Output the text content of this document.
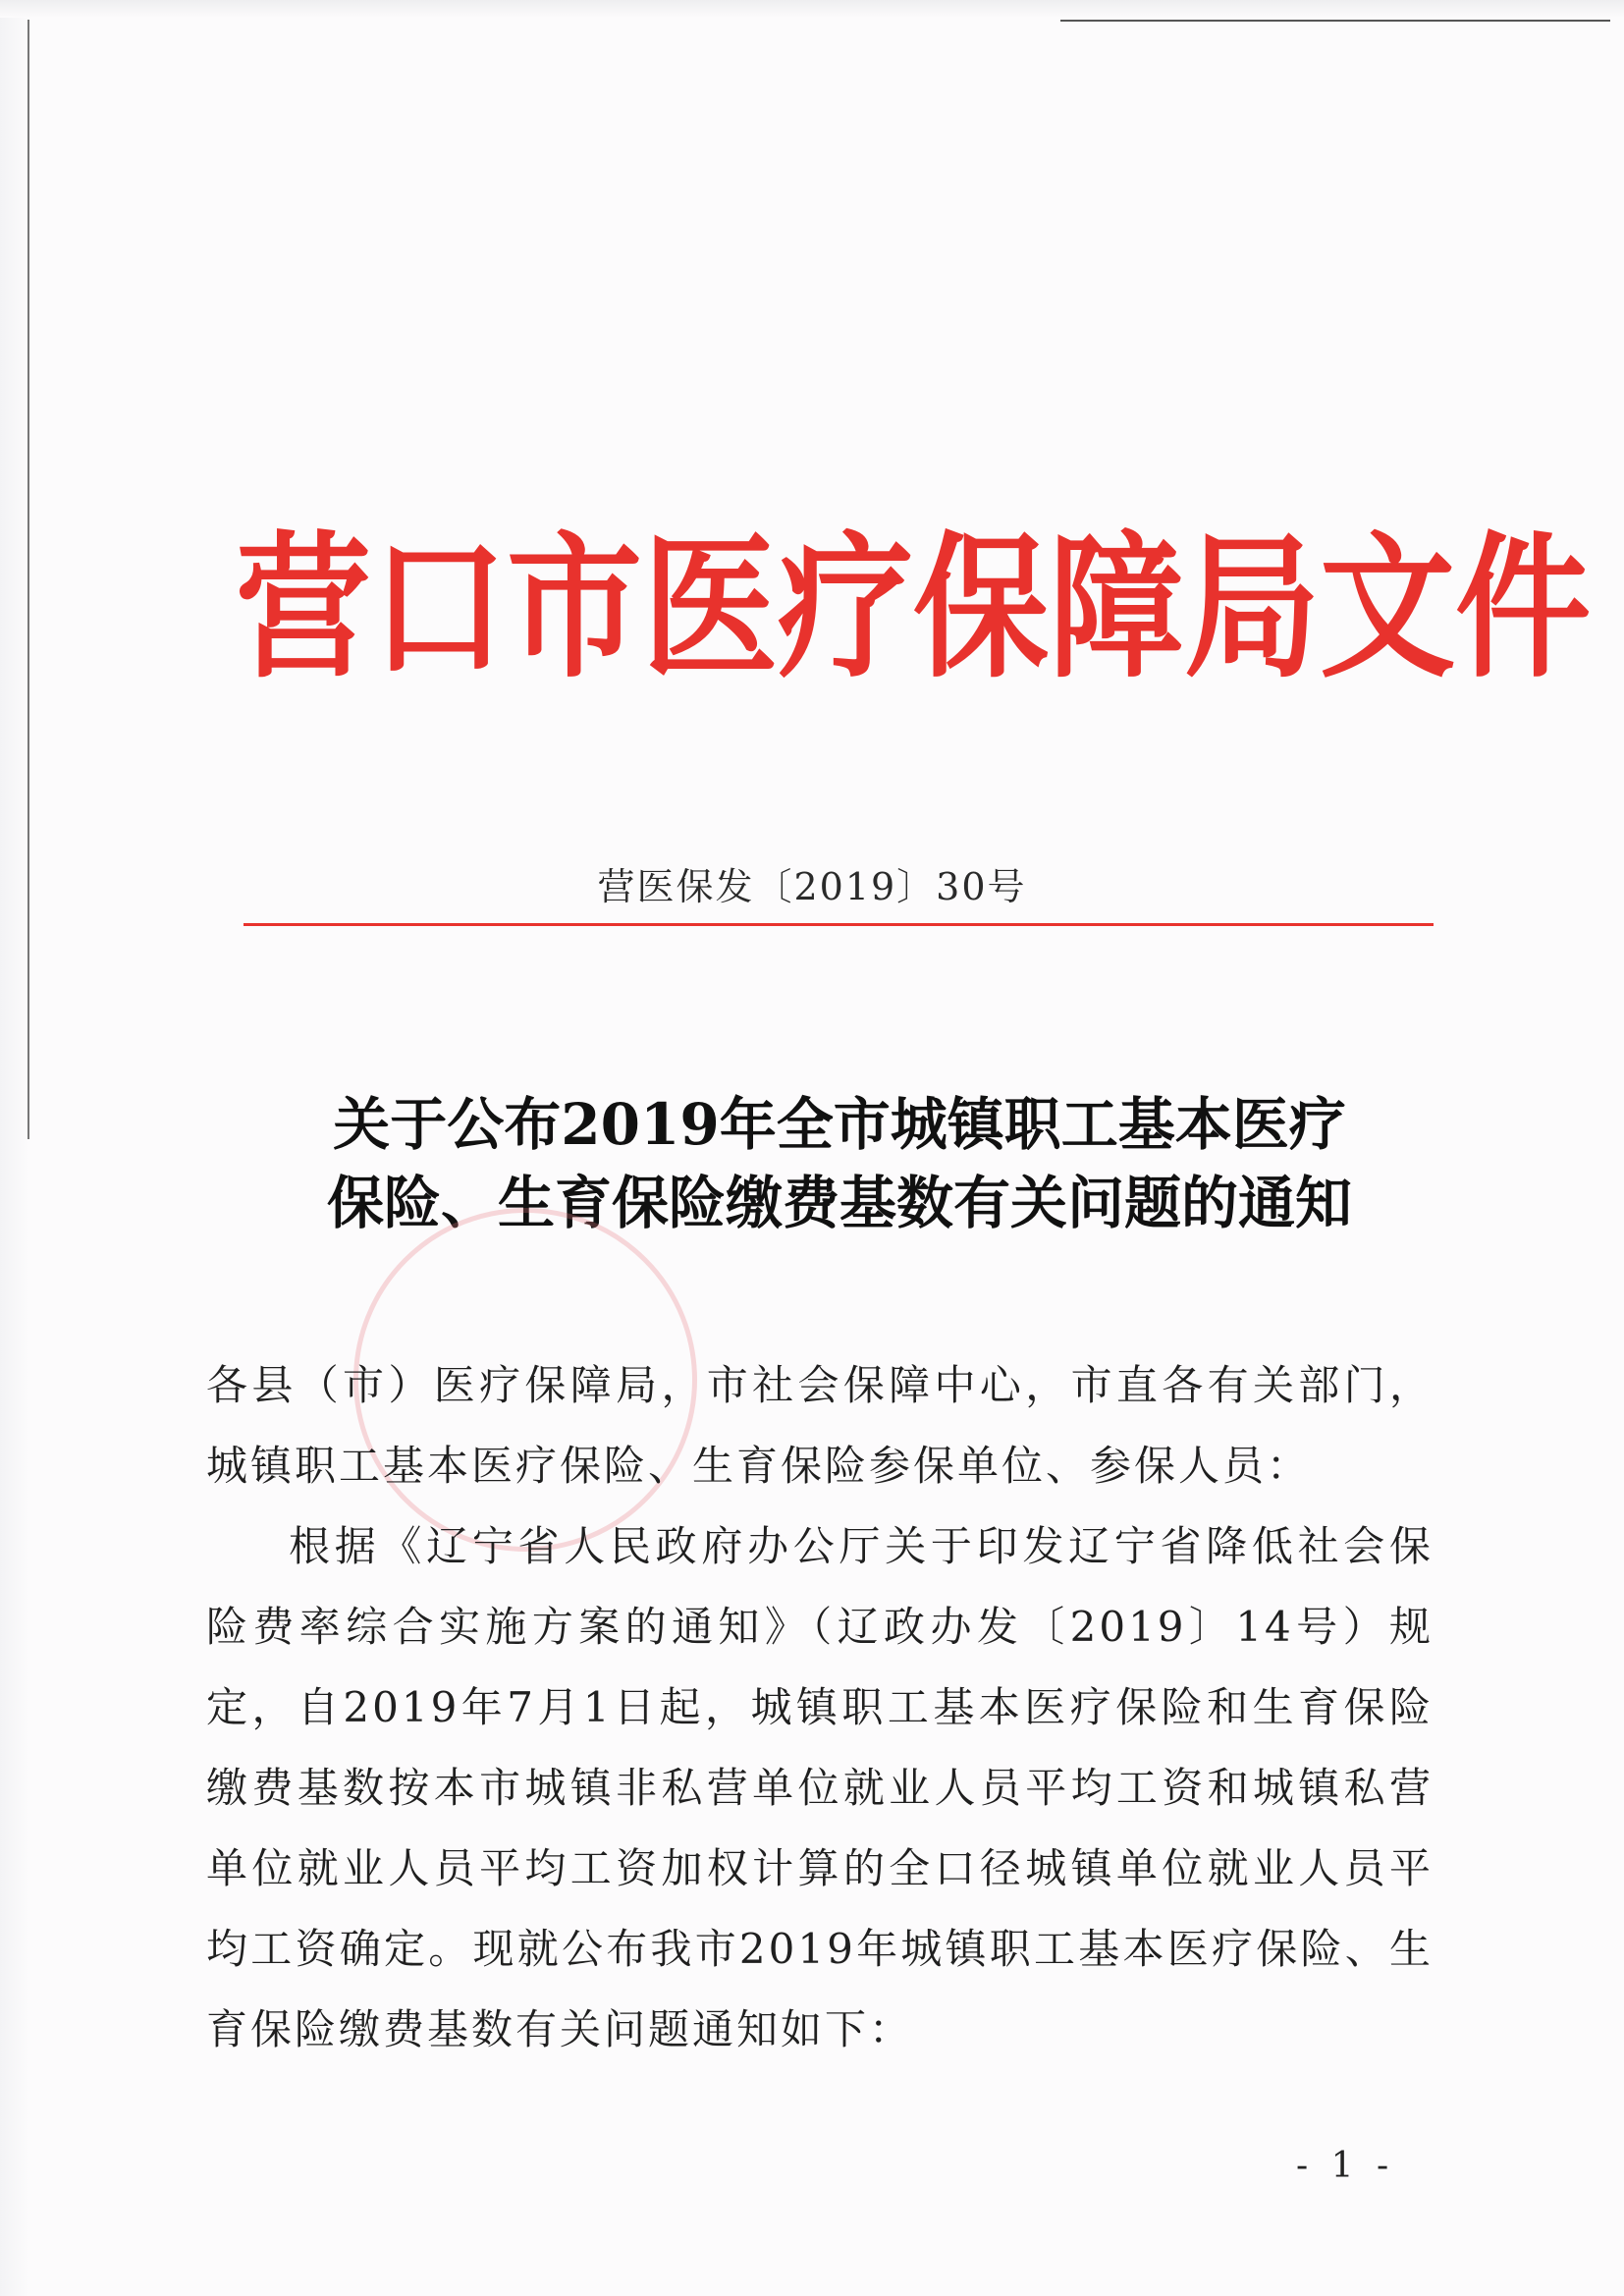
营 口 市 医 疗 保 障 局 文 件
营医保发〔2019〕30号
关于公布2019年全市城镇职工基本医疗
保险、生育保险缴费基数有关问题的通知

各县（市）医疗保障局，市社会保障中心，市直各有关部门，城镇职工基本医疗保险、生育保险参保单位、参保人员：

根据《辽宁省人民政府办公厅关于印发辽宁省降低社会保险费率综合实施方案的通知》（辽政办发〔2019〕14号）规定，自2019年7月1日起，城镇职工基本医疗保险和生育保险缴费基数按本市城镇非私营单位就业人员平均工资和城镇私营单位就业人员平均工资加权计算的全口径城镇单位就业人员平均工资确定。现就公布我市2019年城镇职工基本医疗保险、生育保险缴费基数有关问题通知如下：

- 1 -
